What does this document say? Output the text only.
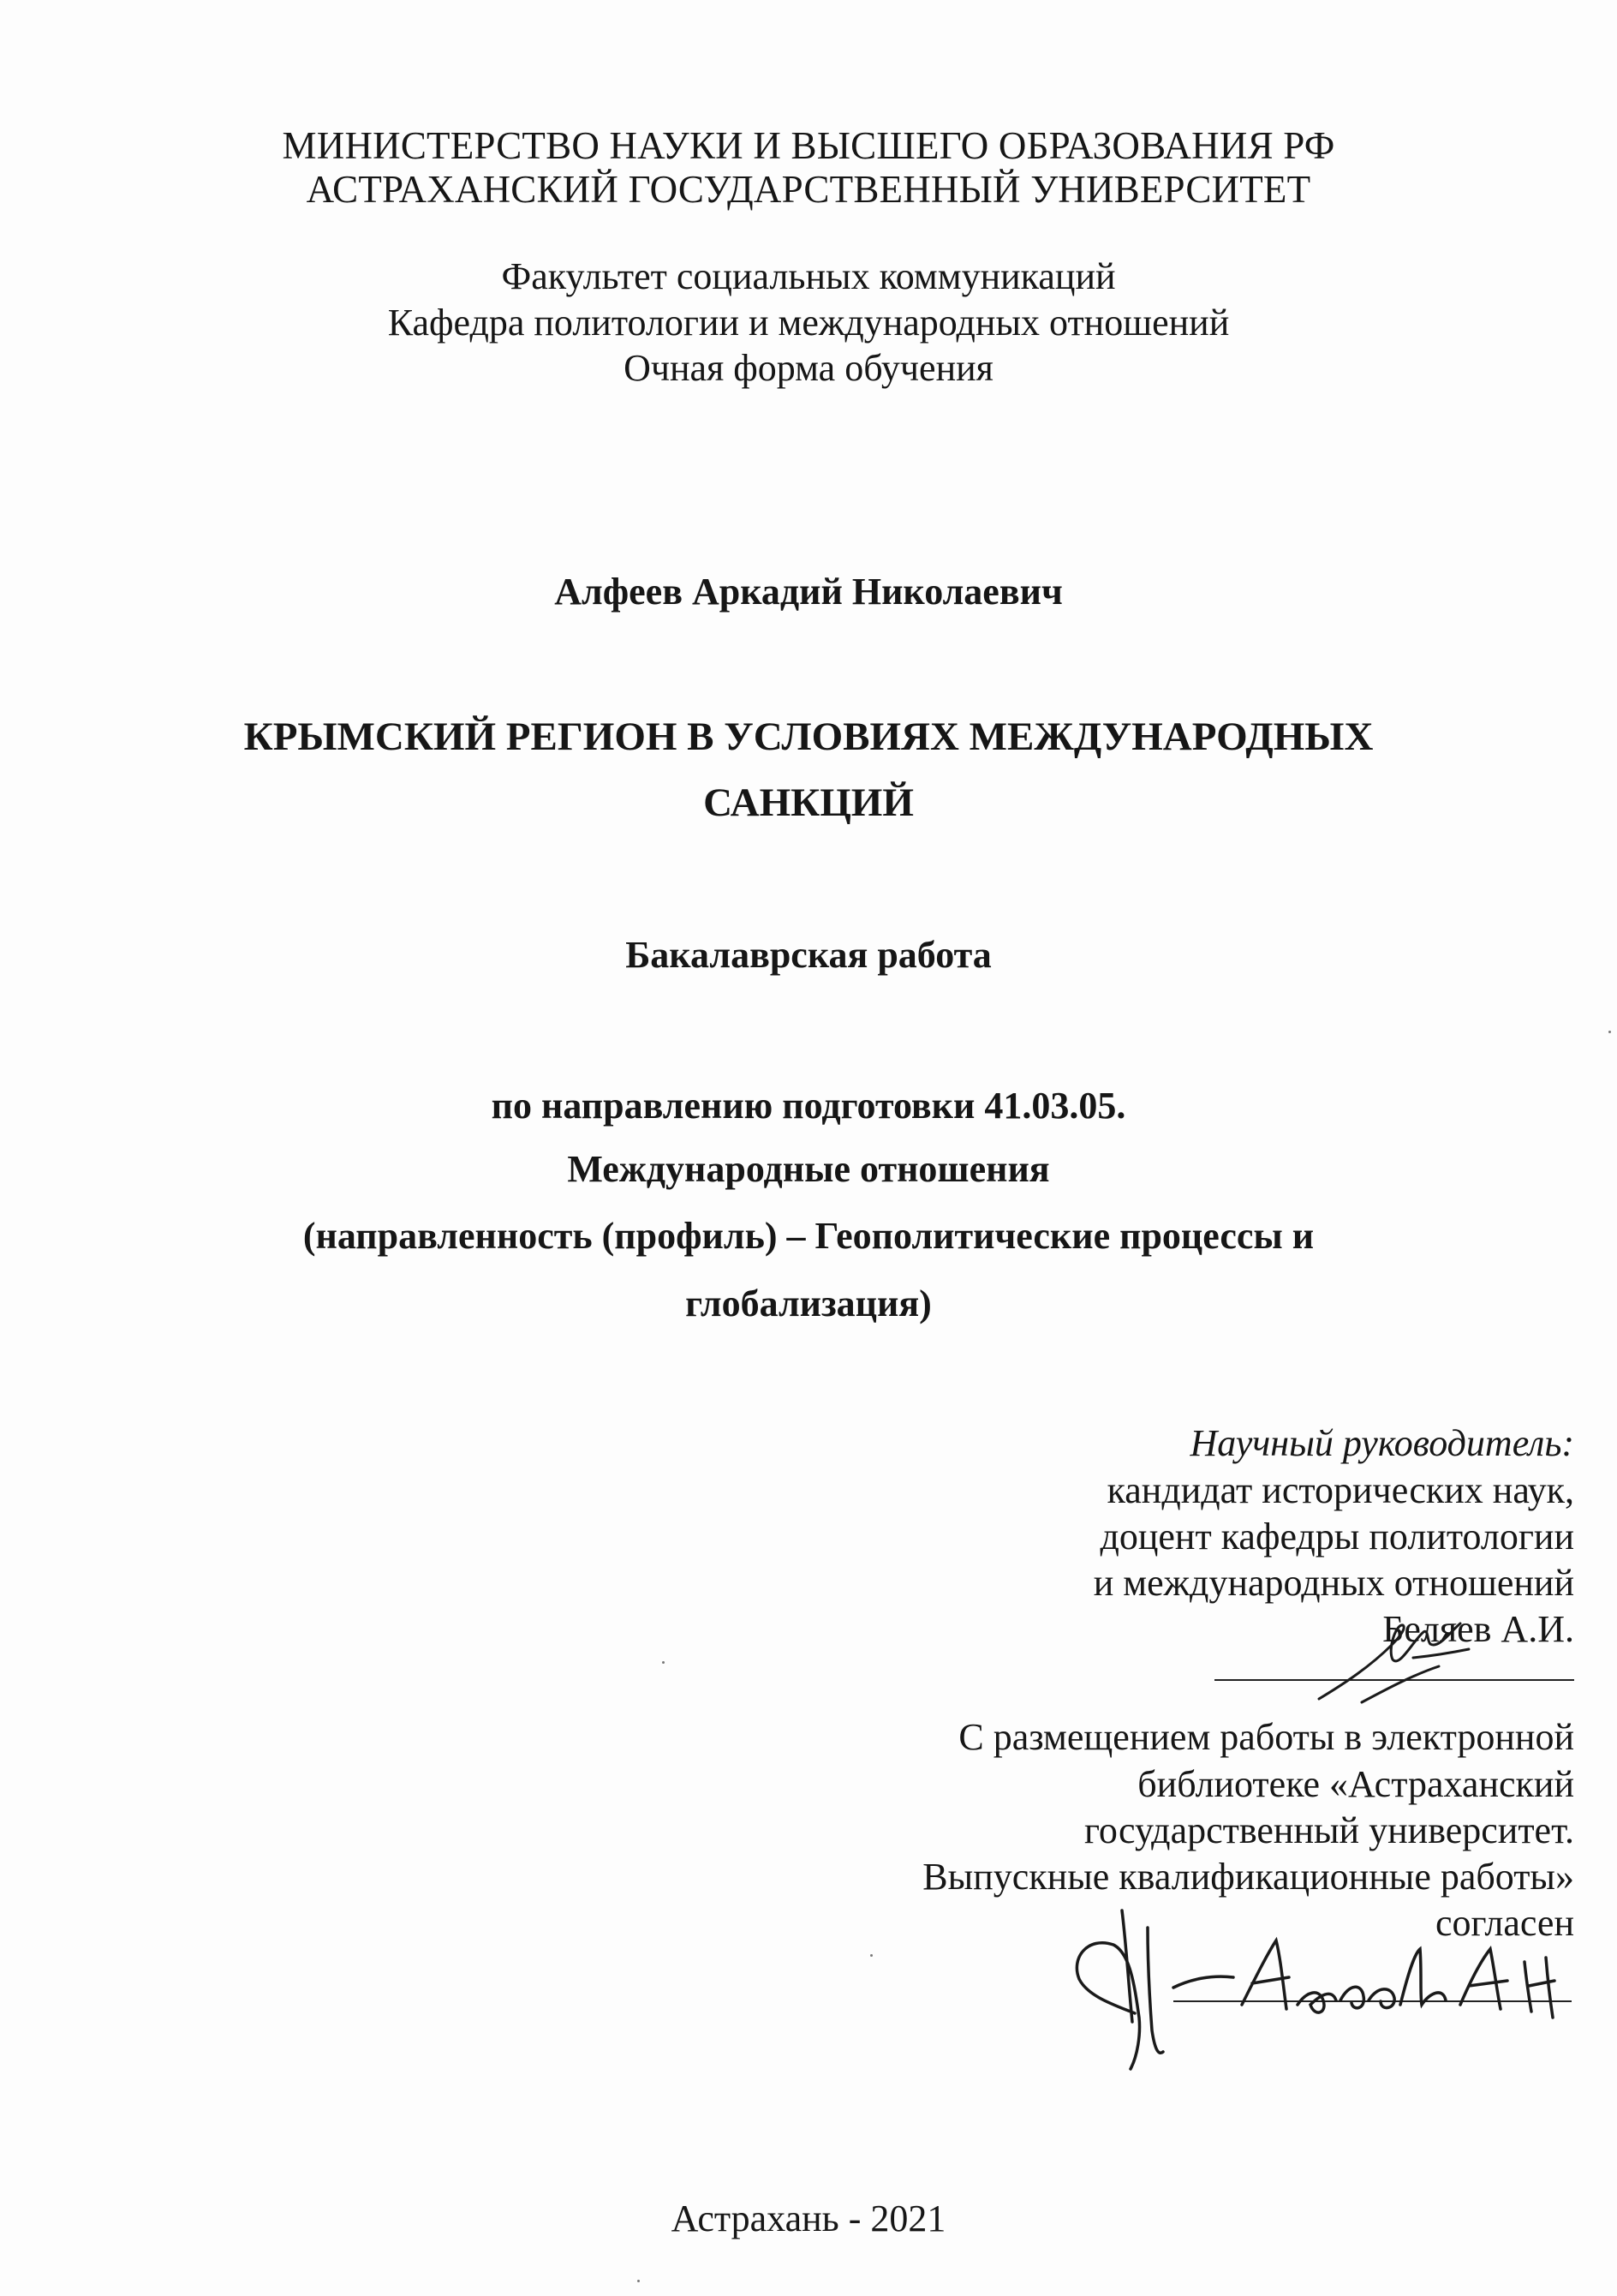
МИНИСТЕРСТВО НАУКИ И ВЫСШЕГО ОБРАЗОВАНИЯ РФ
АСТРАХАНСКИЙ ГОСУДАРСТВЕННЫЙ УНИВЕРСИТЕТ
Факультет социальных коммуникаций
Кафедра политологии и международных отношений
Очная форма обучения
Алфеев Аркадий Николаевич
КРЫМСКИЙ РЕГИОН В УСЛОВИЯХ МЕЖДУНАРОДНЫХ
САНКЦИЙ
Бакалаврская работа
по направлению подготовки 41.03.05.
Международные отношения
(направленность (профиль) – Геополитические процессы и
глобализация)
Научный руководитель:
кандидат исторических наук,
доцент кафедры политологии
и международных отношений
Беляев А.И.
С размещением работы в электронной
библиотеке «Астраханский
государственный университет.
Выпускные квалификационные работы»
согласен
Астрахань - 2021
